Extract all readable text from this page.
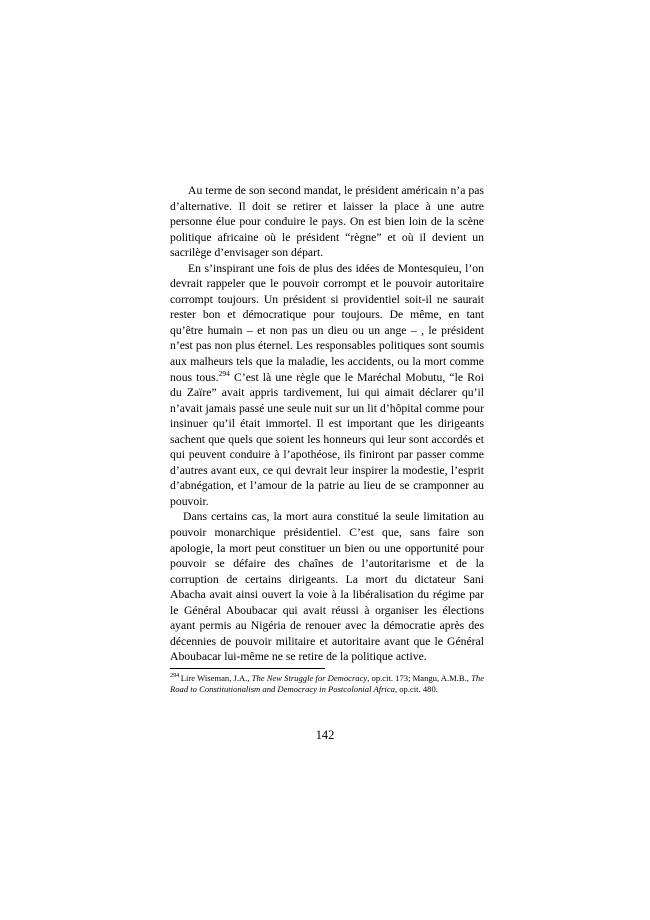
Au terme de son second mandat, le président américain n’a pas d’alternative. Il doit se retirer et laisser la place à une autre personne élue pour conduire le pays. On est bien loin de la scène politique africaine où le président “règne” et où il devient un sacrilège d’envisager son départ.

En s’inspirant une fois de plus des idées de Montesquieu, l’on devrait rappeler que le pouvoir corrompt et le pouvoir autoritaire corrompt toujours. Un président si providentiel soit-il ne saurait rester bon et démocratique pour toujours. De même, en tant qu’être humain – et non pas un dieu ou un ange – , le président n’est pas non plus éternel. Les responsables politiques sont soumis aux malheurs tels que la maladie, les accidents, ou la mort comme nous tous.$^{294}$ C’est là une règle que le Maréchal Mobutu, “le Roi du Zaïre” avait appris tardivement, lui qui aimait déclarer qu’il n’avait jamais passé une seule nuit sur un lit d’hôpital comme pour insinuer qu’il était immortel. Il est important que les dirigeants sachent que quels que soient les honneurs qui leur sont accordés et qui peuvent conduire à l’apothéose, ils finiront par passer comme d’autres avant eux, ce qui devrait leur inspirer la modestie, l’esprit d’abnégation, et l’amour de la patrie au lieu de se cramponner au pouvoir.

Dans certains cas, la mort aura constitué la seule limitation au pouvoir monarchique présidentiel. C’est que, sans faire son apologie, la mort peut constituer un bien ou une opportunité pour pouvoir se défaire des chaînes de l’autoritarisme et de la corruption de certains dirigeants. La mort du dictateur Sani Abacha avait ainsi ouvert la voie à la libéralisation du régime par le Général Aboubacar qui avait réussi à organiser les élections ayant permis au Nigéria de renouer avec la démocratie après des décennies de pouvoir militaire et autoritaire avant que le Général Aboubacar lui-même ne se retire de la politique active.

$^{294}$ Lire Wiseman, J.A., The New Struggle for Democracy, op.cit. 173; Mangu, A.M.B., The Road to Constitutionalism and Democracy in Postcolonial Africa, op.cit. 480.

142
